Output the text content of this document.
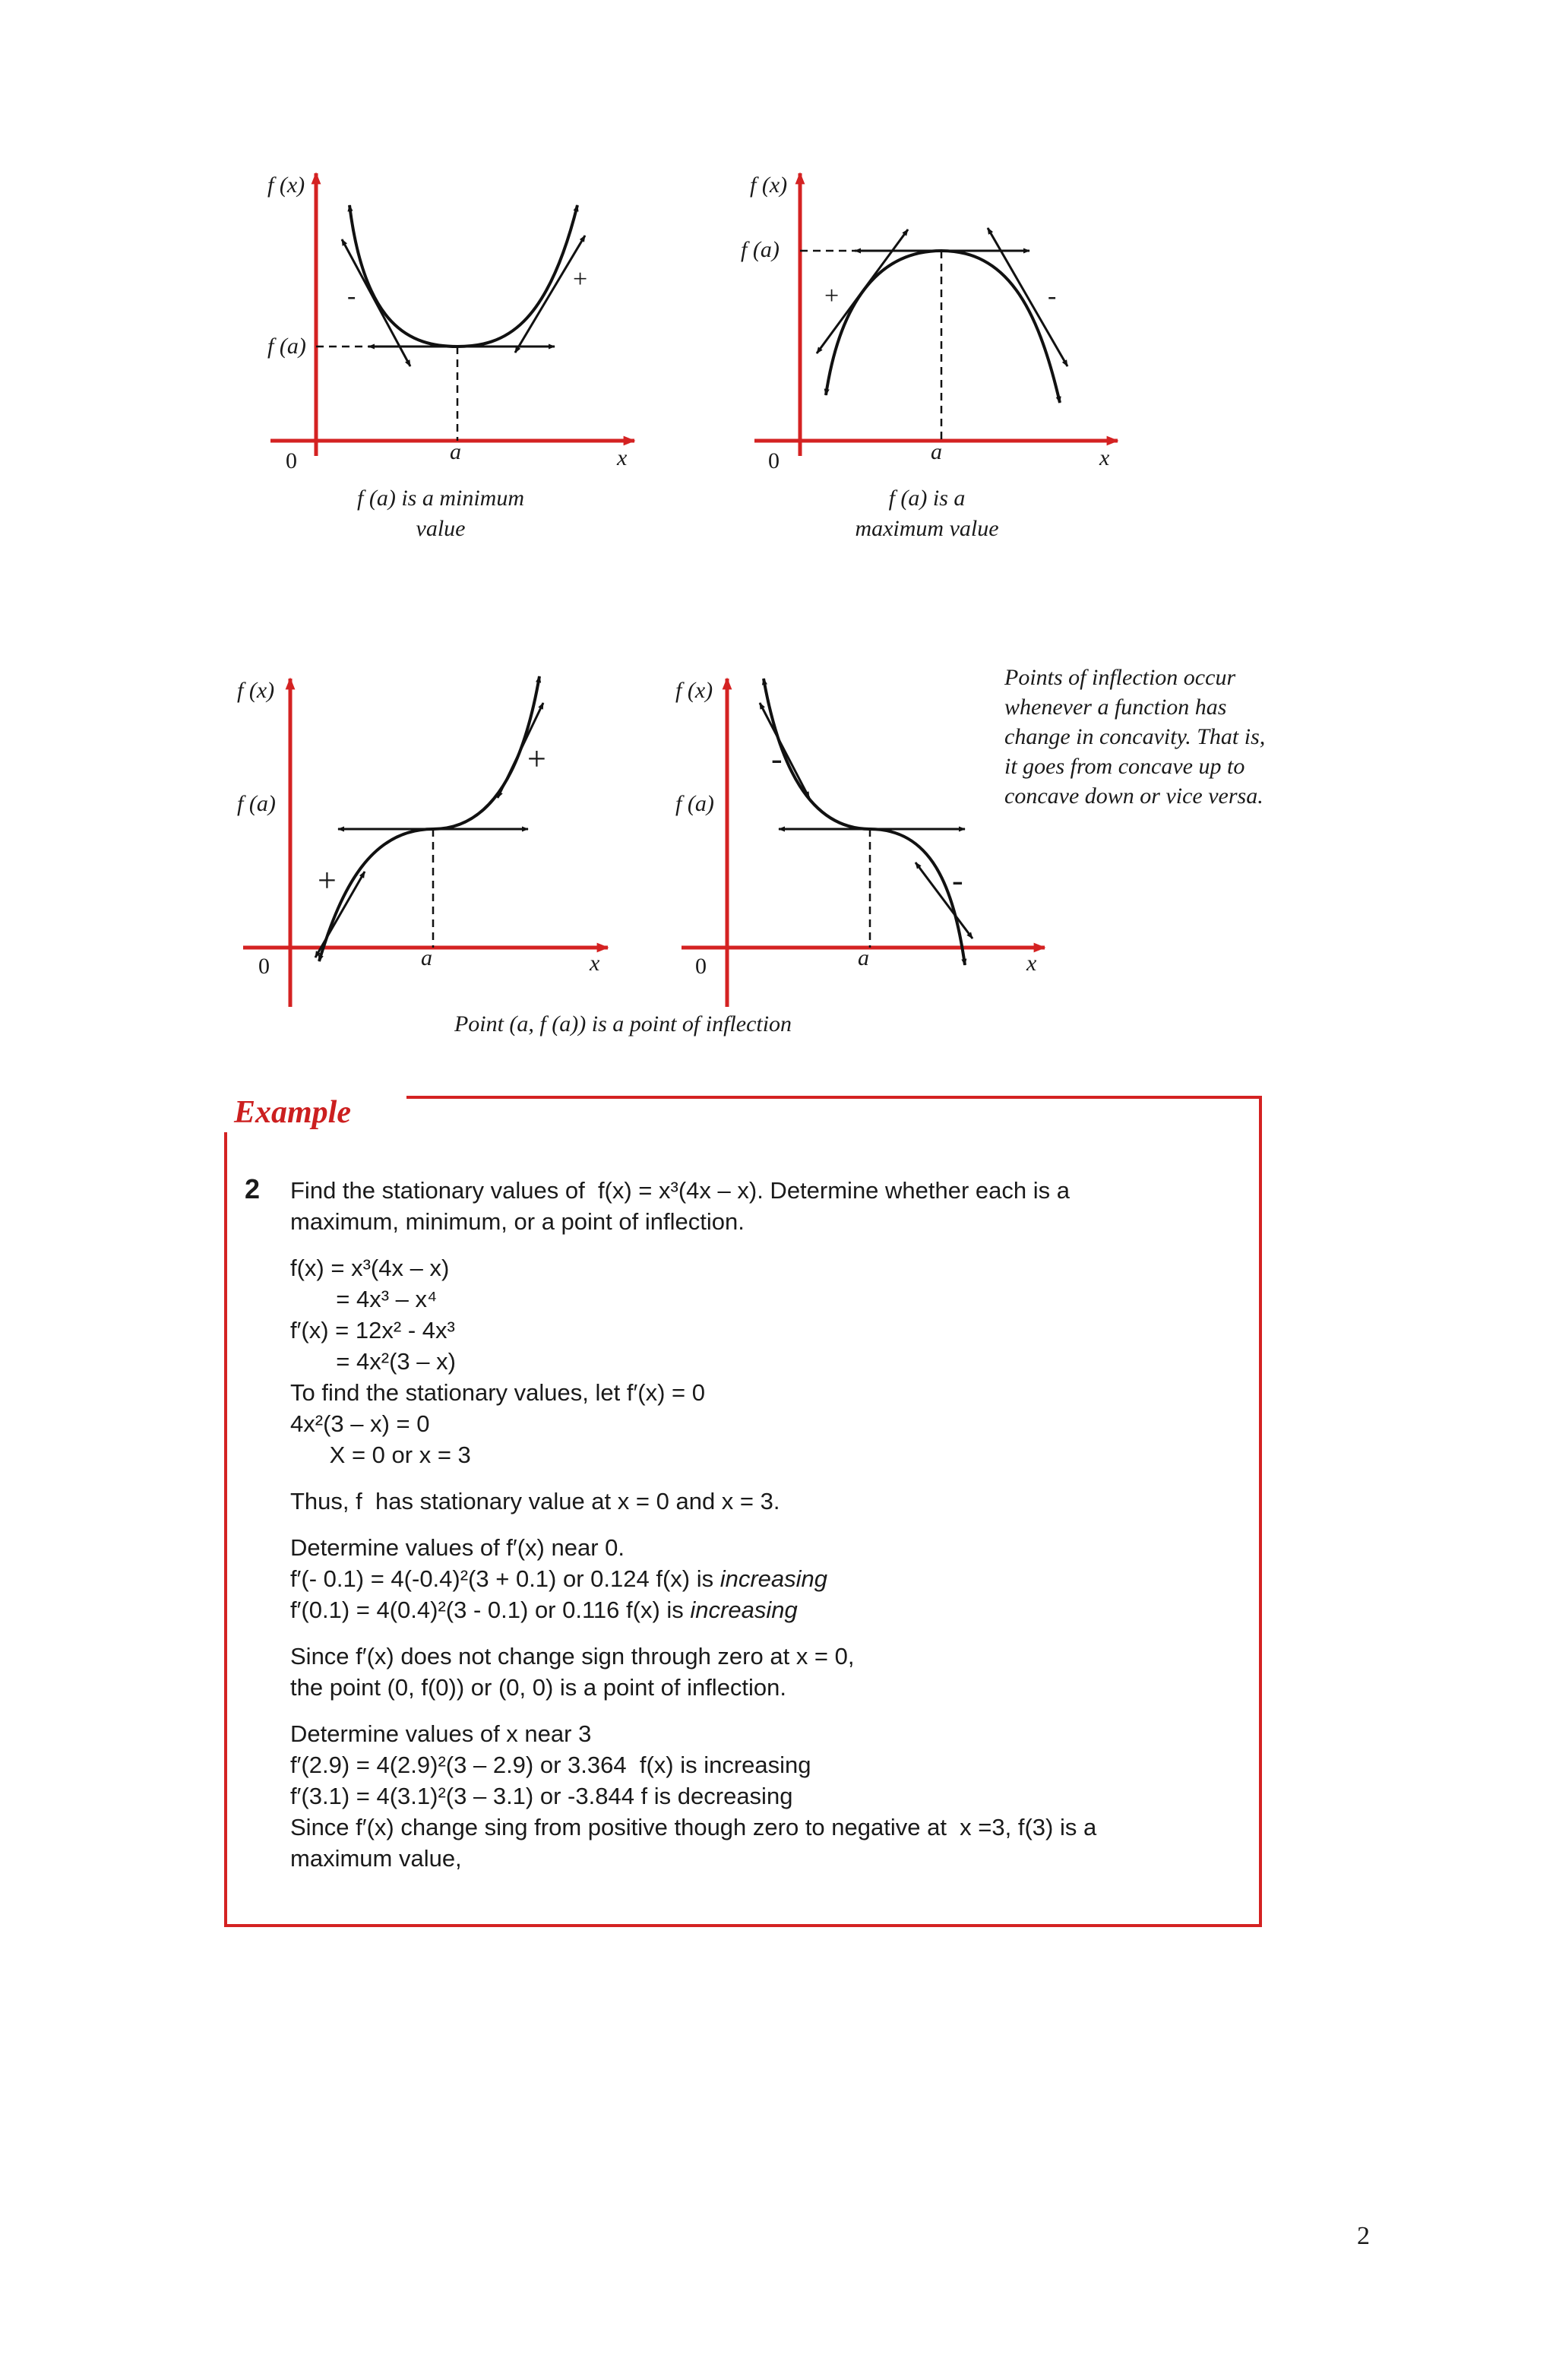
f (x)
f (a)
0	a	x
-
+
f (a) is a minimum
value
f (x)
f (a)
0	a	x
+	-
f (a) is a
maximum value
f (x)
f (a)
0	a	x
+
+
f (x)
f (a)
0	a	x
-
-
Point (a, f (a)) is a point of inflection
Points of inflection occur
whenever a function has
change in concavity. That is,
it goes from concave up to
concave down or vice versa.
Example
2 Find the stationary values of  f(x) = x³(4x – x). Determine whether each is a
maximum, minimum, or a point of inflection.
f(x) = x³(4x – x)
= 4x³ – x⁴
f′(x) = 12x² - 4x³
= 4x²(3 – x)
To find the stationary values, let f′(x) = 0
4x²(3 – x) = 0
X = 0 or x = 3
Thus, f  has stationary value at x = 0 and x = 3.
Determine values of f′(x) near 0.
f′(- 0.1) = 4(-0.4)²(3 + 0.1) or 0.124 f(x) is increasing
f′(0.1) = 4(0.4)²(3 - 0.1) or 0.116 f(x) is increasing
Since f′(x) does not change sign through zero at x = 0,
the point (0, f(0)) or (0, 0) is a point of inflection.
Determine values of x near 3
f′(2.9) = 4(2.9)²(3 – 2.9) or 3.364  f(x) is increasing
f′(3.1) = 4(3.1)²(3 – 3.1) or -3.844 f is decreasing
Since f′(x) change sing from positive though zero to negative at  x =3, f(3) is a
maximum value,
2
